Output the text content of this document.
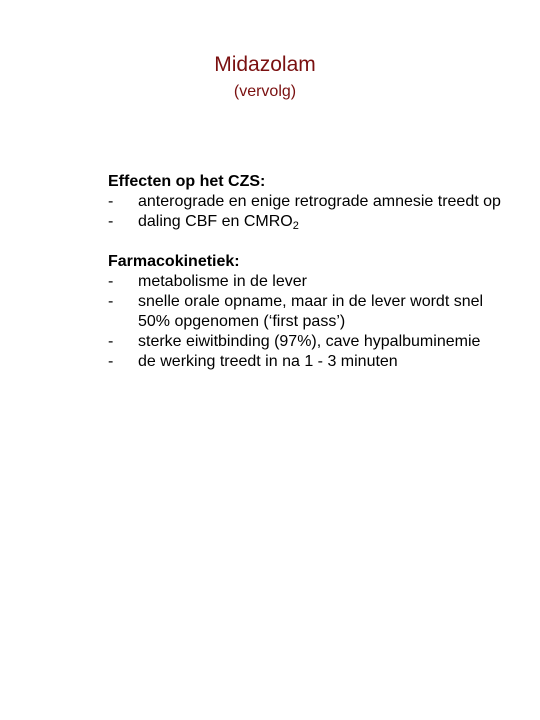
Midazolam
(vervolg)

Effecten op het CZS:

-	anterograde en enige retrograde amnesie treedt op
-	daling CBF en $CMRO_2$

Farmacokinetiek:

-	metabolisme in de lever
-	snelle orale opname, maar in de lever wordt snel 50% opgenomen (‘first pass’)
-	sterke eiwitbinding (97%), cave hypalbuminemie
-	de werking treedt in na 1 - 3 minuten
